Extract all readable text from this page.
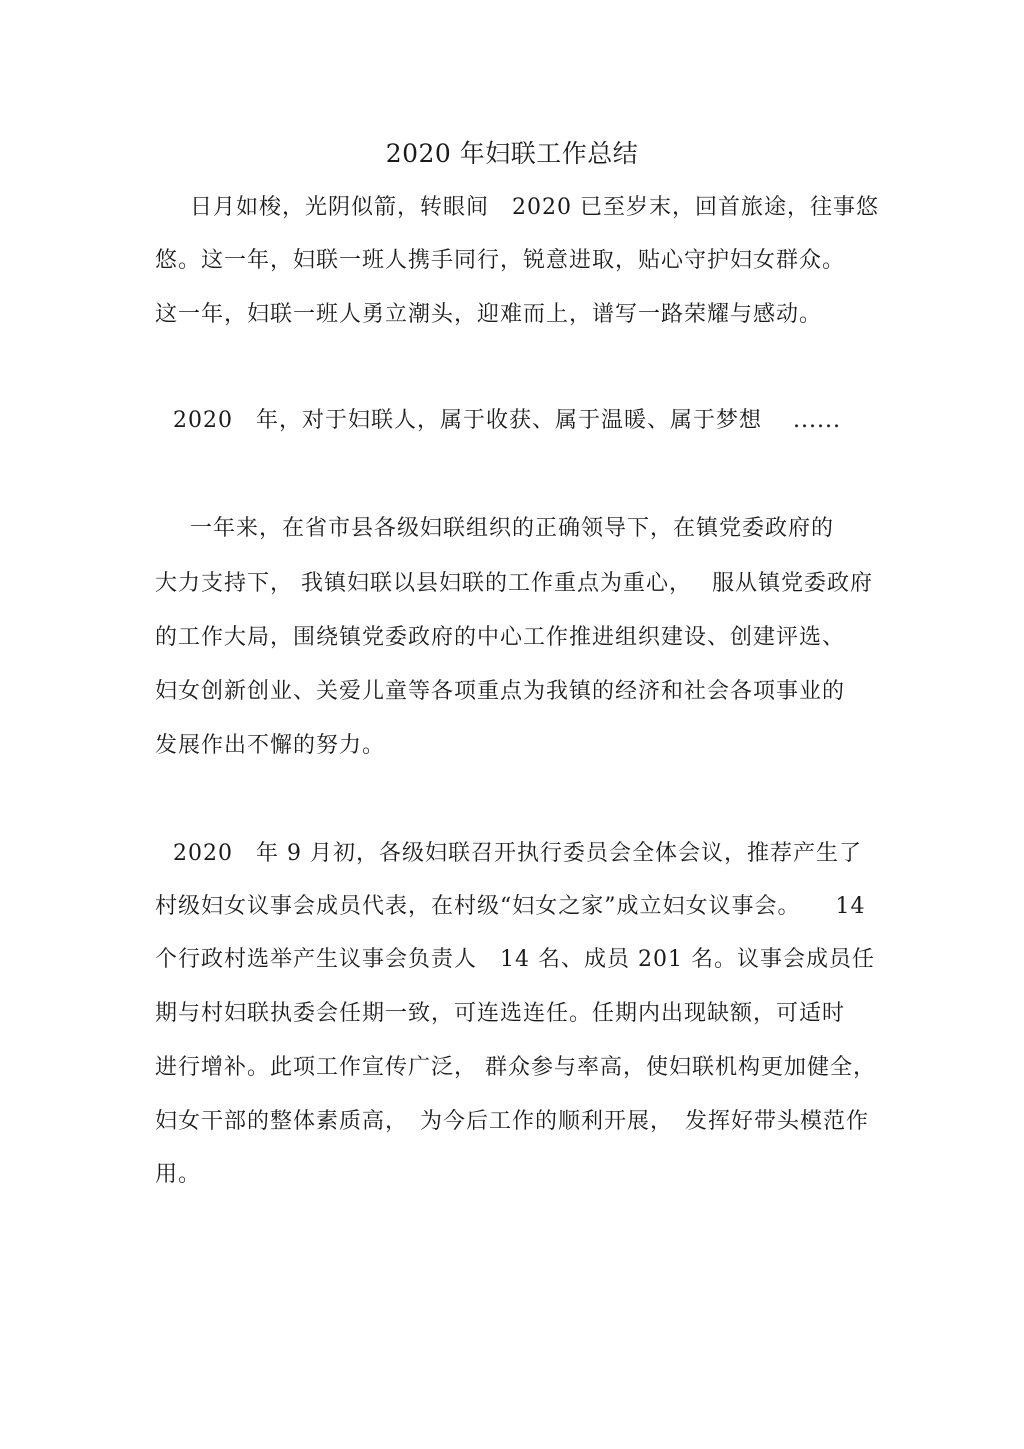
2020 年妇联工作总结
日月如梭，光阴似箭，转眼间　2020 已至岁末，回首旅途，往事悠
悠。这一年，妇联一班人携手同行，锐意进取，贴心守护妇女群众。
这一年，妇联一班人勇立潮头，迎难而上，谱写一路荣耀与感动。
2020　年，对于妇联人，属于收获、属于温暖、属于梦想　 ......
一年来，在省市县各级妇联组织的正确领导下，在镇党委政府的
大力支持下， 我镇妇联以县妇联的工作重点为重心，　 服从镇党委政府
的工作大局，围绕镇党委政府的中心工作推进组织建设、创建评选、
妇女创新创业、关爱儿童等各项重点为我镇的经济和社会各项事业的
发展作出不懈的努力。
2020　年 9 月初，各级妇联召开执行委员会全体会议，推荐产生了
村级妇女议事会成员代表，在村级“妇女之家”成立妇女议事会。　　14
个行政村选举产生议事会负责人　14 名、成员 201 名。议事会成员任
期与村妇联执委会任期一致，可连选连任。任期内出现缺额，可适时
进行增补。此项工作宣传广泛， 群众参与率高，使妇联机构更加健全，
妇女干部的整体素质高，　为今后工作的顺利开展，　发挥好带头模范作
用。
